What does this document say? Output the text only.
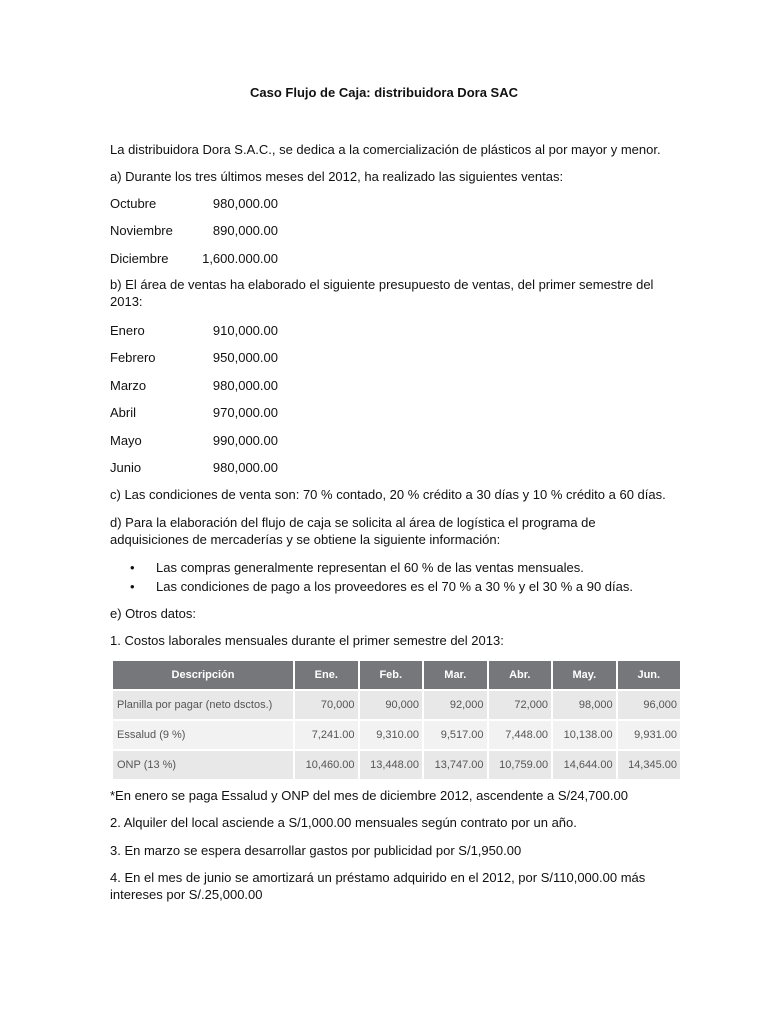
Caso Flujo de Caja: distribuidora Dora SAC
La distribuidora Dora S.A.C., se dedica a la comercialización de plásticos al por mayor y menor.
a) Durante los tres últimos meses del 2012, ha realizado las siguientes ventas:
Octubre	980,000.00
Noviembre	890,000.00
Diciembre	1,600.000.00
b) El área de ventas ha elaborado el siguiente presupuesto de ventas, del primer semestre del 2013:
Enero	910,000.00
Febrero	950,000.00
Marzo	980,000.00
Abril	970,000.00
Mayo	990,000.00
Junio	980,000.00
c) Las condiciones de venta son: 70 % contado, 20 % crédito a 30 días y 10 % crédito a 60 días.
d) Para la elaboración del flujo de caja se solicita al área de logística el programa de adquisiciones de mercaderías y se obtiene la siguiente información:
• Las compras generalmente representan el 60 % de las ventas mensuales.
• Las condiciones de pago a los proveedores es el 70 % a 30 % y el 30 % a 90 días.
e) Otros datos:
1. Costos laborales mensuales durante el primer semestre del 2013:
Descripción	Ene.	Feb.	Mar.	Abr.	May.	Jun.
Planilla por pagar (neto dsctos.)	70,000	90,000	92,000	72,000	98,000	96,000
Essalud (9 %)	7,241.00	9,310.00	9,517.00	7,448.00	10,138.00	9,931.00
ONP (13 %)	10,460.00	13,448.00	13,747.00	10,759.00	14,644.00	14,345.00
*En enero se paga Essalud y ONP del mes de diciembre 2012, ascendente a S/24,700.00
2. Alquiler del local asciende a S/1,000.00 mensuales según contrato por un año.
3. En marzo se espera desarrollar gastos por publicidad por S/1,950.00
4. En el mes de junio se amortizará un préstamo adquirido en el 2012, por S/110,000.00 más intereses por S/.25,000.00
